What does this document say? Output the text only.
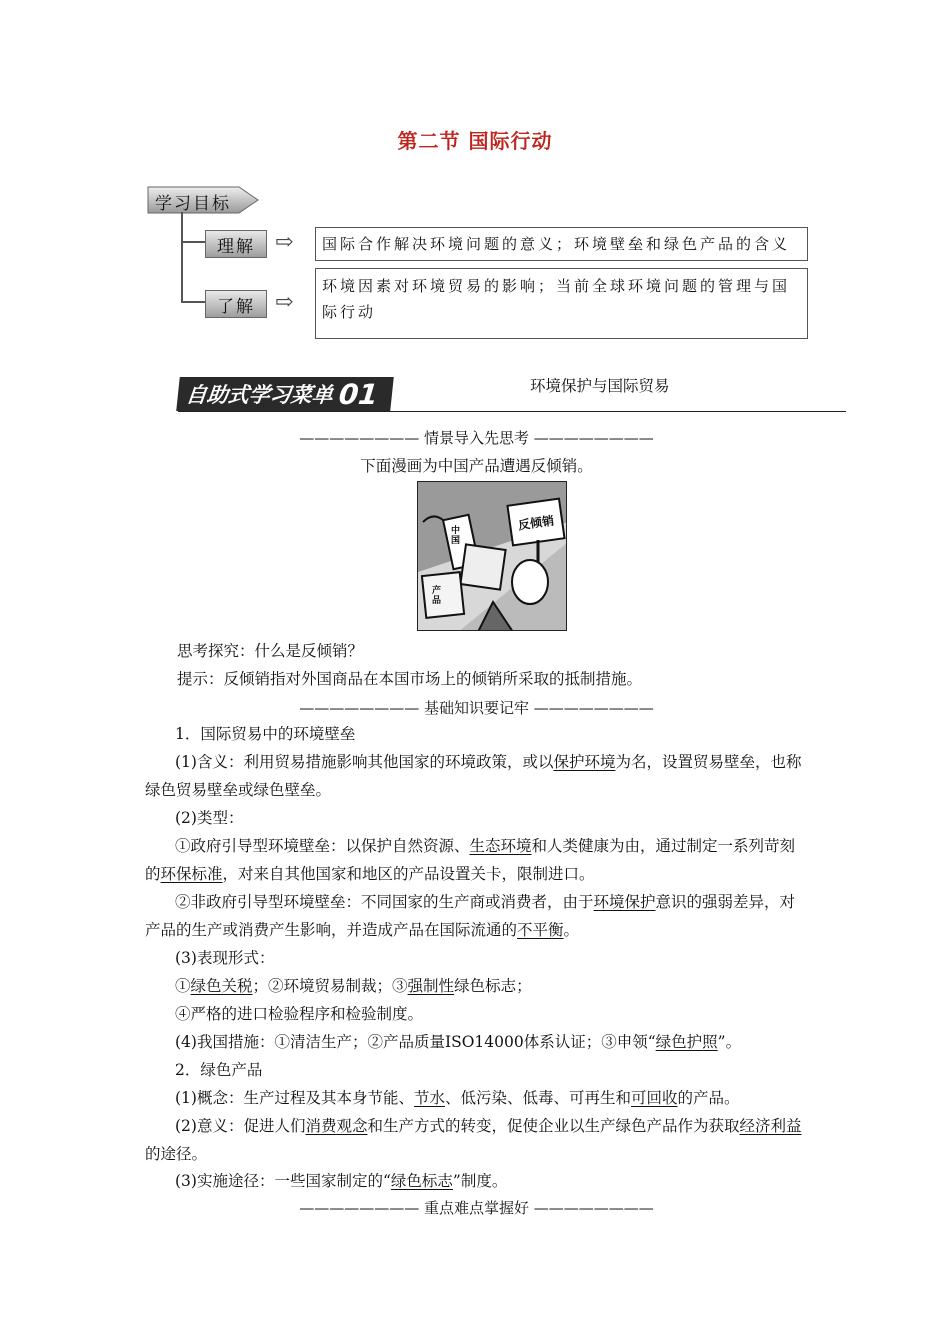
第二节 国际行动
学习目标
理解 ⇨	国际合作解决环境问题的意义；环境壁垒和绿色产品的含义
了解 ⇨
环境因素对环境贸易的影响；当前全球环境问题的管理与国际行动
自助式学习菜单 01	环境保护与国际贸易
———————— 情景导入先思考 ————————
下面漫画为中国产品遭遇反倾销。
反倾销
中国
产品
思考探究：什么是反倾销？
提示：反倾销指对外国商品在本国市场上的倾销所采取的抵制措施。
———————— 基础知识要记牢 ————————
1．国际贸易中的环境壁垒
(1)含义：利用贸易措施影响其他国家的环境政策，或以保护环境为名，设置贸易壁垒，也称绿色贸易壁垒或绿色壁垒。
(2)类型：
①政府引导型环境壁垒：以保护自然资源、生态环境和人类健康为由，通过制定一系列苛刻的环保标准，对来自其他国家和地区的产品设置关卡，限制进口。
②非政府引导型环境壁垒：不同国家的生产商或消费者，由于环境保护意识的强弱差异，对产品的生产或消费产生影响，并造成产品在国际流通的不平衡。
(3)表现形式：
①绿色关税；②环境贸易制裁；③强制性绿色标志；
④严格的进口检验程序和检验制度。
(4)我国措施：①清洁生产；②产品质量ISO14000体系认证；③申领“绿色护照”。
2．绿色产品
(1)概念：生产过程及其本身节能、节水、低污染、低毒、可再生和可回收的产品。
(2)意义：促进人们消费观念和生产方式的转变，促使企业以生产绿色产品作为获取经济利益的途径。
(3)实施途径：一些国家制定的“绿色标志”制度。
———————— 重点难点掌握好 ————————
